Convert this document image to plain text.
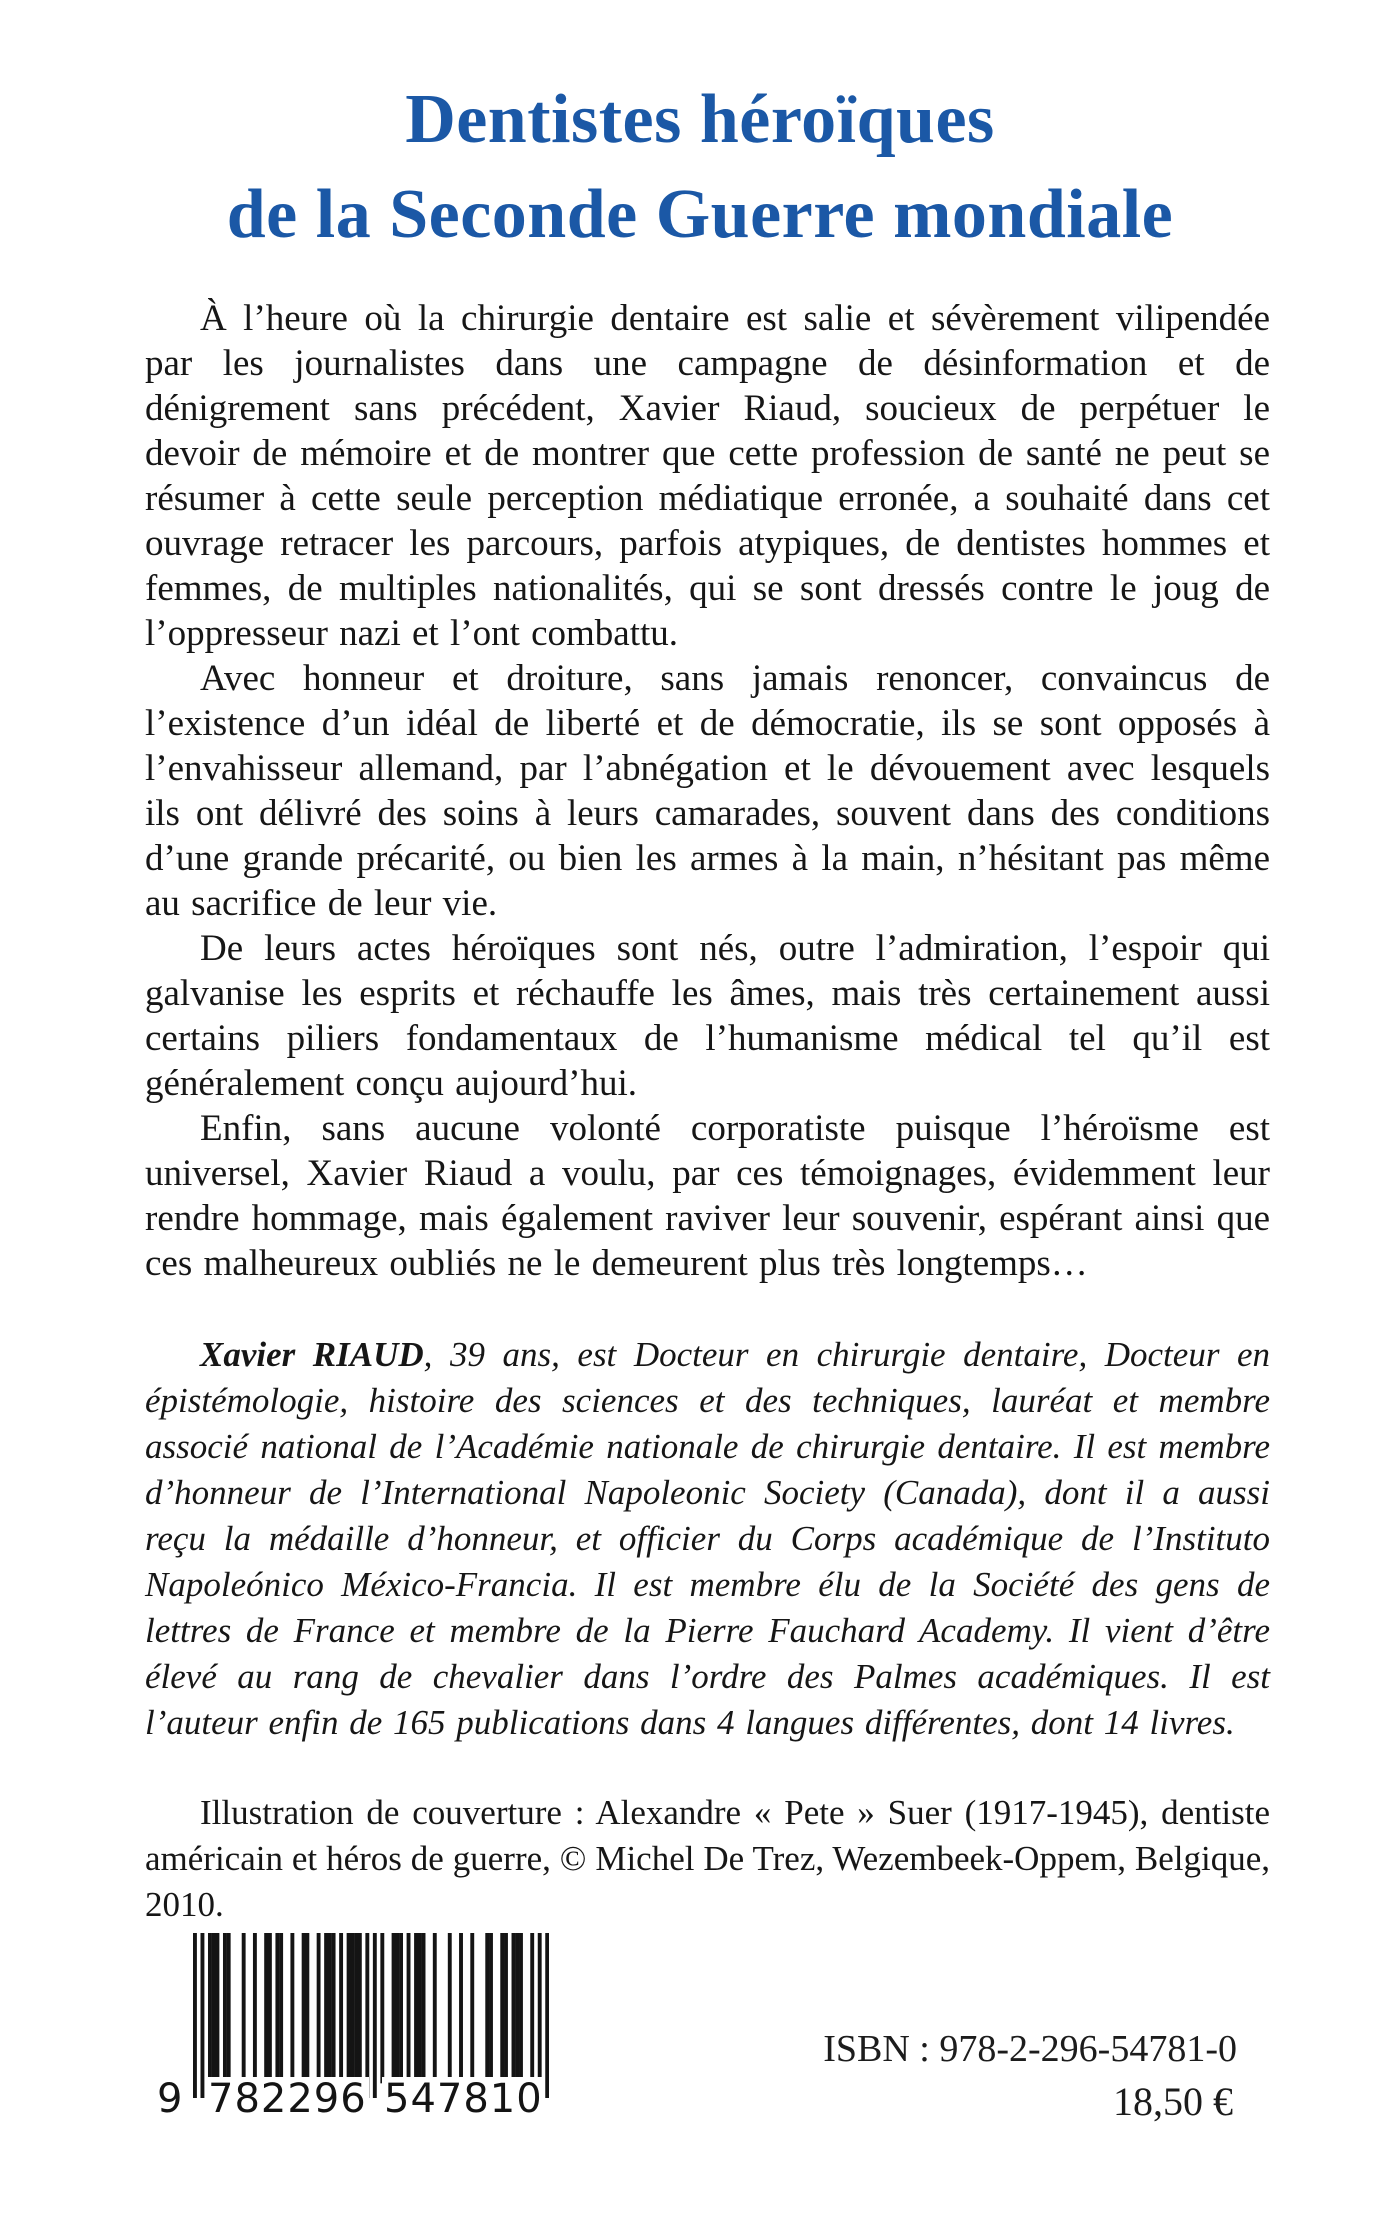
Dentistes héroïques
de la Seconde Guerre mondiale

À l’heure où la chirurgie dentaire est salie et sévèrement vilipendée par les journalistes dans une campagne de désinformation et de dénigrement sans précédent, Xavier Riaud, soucieux de perpétuer le devoir de mémoire et de montrer que cette profession de santé ne peut se résumer à cette seule perception médiatique erronée, a souhaité dans cet ouvrage retracer les parcours, parfois atypiques, de dentistes hommes et femmes, de multiples nationalités, qui se sont dressés contre le joug de l’oppresseur nazi et l’ont combattu.

Avec honneur et droiture, sans jamais renoncer, convaincus de l’existence d’un idéal de liberté et de démocratie, ils se sont opposés à l’envahisseur allemand, par l’abnégation et le dévouement avec lesquels ils ont délivré des soins à leurs camarades, souvent dans des conditions d’une grande précarité, ou bien les armes à la main, n’hésitant pas même au sacrifice de leur vie.

De leurs actes héroïques sont nés, outre l’admiration, l’espoir qui galvanise les esprits et réchauffe les âmes, mais très certainement aussi certains piliers fondamentaux de l’humanisme médical tel qu’il est généralement conçu aujourd’hui.

Enfin, sans aucune volonté corporatiste puisque l’héroïsme est universel, Xavier Riaud a voulu, par ces témoignages, évidemment leur rendre hommage, mais également raviver leur souvenir, espérant ainsi que ces malheureux oubliés ne le demeurent plus très longtemps…

Xavier RIAUD, 39 ans, est Docteur en chirurgie dentaire, Docteur en épistémologie, histoire des sciences et des techniques, lauréat et membre associé national de l’Académie nationale de chirurgie dentaire. Il est membre d’honneur de l’International Napoleonic Society (Canada), dont il a aussi reçu la médaille d’honneur, et officier du Corps académique de l’Instituto Napoleónico México-Francia. Il est membre élu de la Société des gens de lettres de France et membre de la Pierre Fauchard Academy. Il vient d’être élevé au rang de chevalier dans l’ordre des Palmes académiques. Il est l’auteur enfin de 165 publications dans 4 langues différentes, dont 14 livres.

Illustration de couverture : Alexandre « Pete » Suer (1917-1945), dentiste américain et héros de guerre, © Michel De Trez, Wezembeek-Oppem, Belgique, 2010.

9 782296 547810
ISBN : 978-2-296-54781-0
18,50 €
